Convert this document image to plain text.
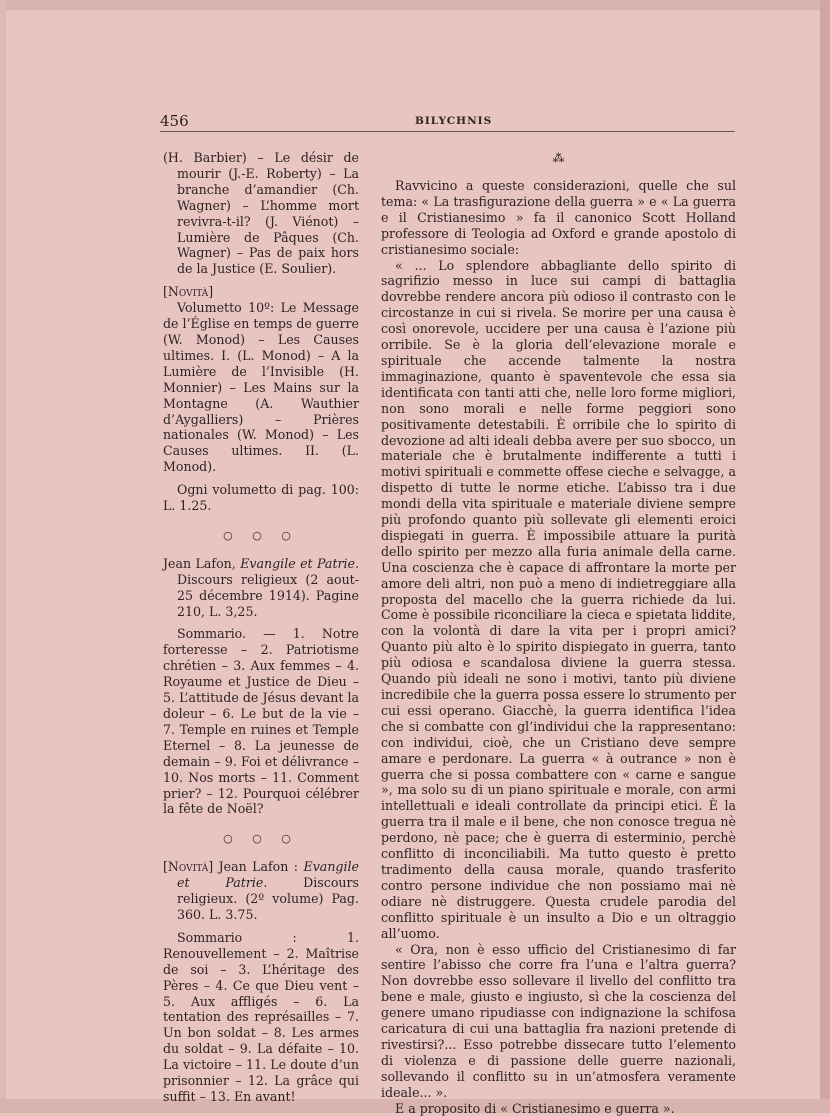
456	BILYCHNIS

(H. Barbier) – Le désir de mourir (J.-E. Roberty) – La branche d’amandier (Ch. Wagner) – L’homme mort revivra-t-il? (J. Viénot) – Lumière de Pâques (Ch. Wagner) – Pas de paix hors de la Justice (E. Soulier).

[Novità]

Volumetto 10º: Le Message de l’Église en temps de guerre (W. Monod) – Les Causes ultimes. I. (L. Monod) – A la Lumière de l’Invisible (H. Monnier) – Les Mains sur la Montagne (A. Wauthier d’Aygalliers) – Prières nationales (W. Monod) – Les Causes ultimes. II. (L. Monod).

Ogni volumetto di pag. 100: L. 1.25.

○ ○ ○

Jean Lafon, Evangile et Patrie. Discours religieux (2 aout-25 décembre 1914). Pagine 210, L. 3,25.

Sommario. — 1. Notre forteresse – 2. Patriotisme chrétien – 3. Aux femmes – 4. Royaume et Justice de Dieu – 5. L’attitude de Jésus devant la doleur – 6. Le but de la vie – 7. Temple en ruines et Temple Eternel – 8. La jeunesse de demain – 9. Foi et délivrance – 10. Nos morts – 11. Comment prier? – 12. Pourquoi célébrer la fête de Noël?

○ ○ ○

[Novità] Jean Lafon : Evangile et Patrie. Discours religieux. (2º volume) Pag. 360. L. 3.75.

Sommario : 1. Renouvellement – 2. Maîtrise de soi – 3. L’héritage des Pères – 4. Ce que Dieu vent – 5. Aux affligés – 6. La tentation des représailles – 7. Un bon soldat – 8. Les armes du soldat – 9. La défaite – 10. La victoire – 11. Le doute d’un prisonnier – 12. La grâce qui suffit – 13. En avant!

⁂

Ravvicino a queste considerazioni, quelle che sul tema: « La trasfigurazione della guerra » e « La guerra e il Cristianesimo » fa il canonico Scott Holland professore di Teologia ad Oxford e grande apostolo di cristianesimo sociale:

« ... Lo splendore abbagliante dello spirito di sagrifizio messo in luce sui campi di battaglia dovrebbe rendere ancora più odioso il contrasto con le circostanze in cui si rivela. Se morire per una causa è così onorevole, uccidere per una causa è l’azione più orribile. Se è la gloria dell’elevazione morale e spirituale che accende talmente la nostra immaginazione, quanto è spaventevole che essa sia identificata con tanti atti che, nelle loro forme migliori, non sono morali e nelle forme peggiori sono positivamente detestabili. È orribile che lo spirito di devozione ad alti ideali debba avere per suo sbocco, un materiale che è brutalmente indifferente a tutti i motivi spirituali e commette offese cieche e selvagge, a dispetto di tutte le norme etiche. L’abisso tra i due mondi della vita spirituale e materiale diviene sempre più profondo quanto più sollevate gli elementi eroici dispiegati in guerra. È impossibile attuare la purità dello spirito per mezzo alla furia animale della carne. Una coscienza che è capace di affrontare la morte per amore deli altri, non può a meno di indietreggiare alla proposta del macello che la guerra richiede da lui. Come è possibile riconciliare la cieca e spietata liddite, con la volontà di dare la vita per i propri amici? Quanto più alto è lo spirito dispiegato in guerra, tanto più odiosa e scandalosa diviene la guerra stessa. Quando più ideali ne sono i motivi, tanto più diviene incredibile che la guerra possa essere lo strumento per cui essi operano. Giacchè, la guerra identifica l’idea che si combatte con gl’individui che la rappresentano: con individui, cioè, che un Cristiano deve sempre amare e perdonare. La guerra « à outrance » non è guerra che si possa combattere con « carne e sangue », ma solo su di un piano spirituale e morale, con armi intellettuali e ideali controllate da principi etici. È la guerra tra il male e il bene, che non conosce tregua nè perdono, nè pace; che è guerra di esterminio, perchè conflitto di inconciliabili. Ma tutto questo è pretto tradimento della causa morale, quando trasferito contro persone individue che non possiamo mai nè odiare nè distruggere. Questa crudele parodia del conflitto spirituale è un insulto a Dio e un oltraggio all’uomo.

« Ora, non è esso ufficio del Cristianesimo di far sentire l’abisso che corre fra l’una e l’altra guerra? Non dovrebbe esso sollevare il livello del conflitto tra bene e male, giusto e ingiusto, sì che la coscienza del genere umano ripudiasse con indignazione la schifosa caricatura di cui una battaglia fra nazioni pretende di rivestirsi?... Esso potrebbe dissecare tutto l’elemento di violenza e di passione delle guerre nazionali, sollevando il conflitto su in un’atmosfera veramente ideale... ».

E a proposito di « Cristianesimo e guerra ».
